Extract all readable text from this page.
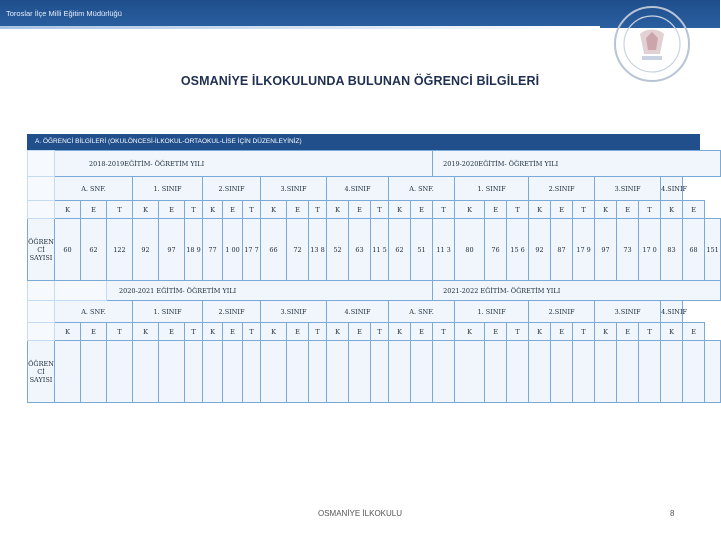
Toroslar İlçe Milli Eğitim Müdürlüğü
OSMANİYE İLKOKULUNDA BULUNAN ÖĞRENCİ BİLGİLERİ
A. ÖĞRENCİ BİLGİLERİ (OKULÖNCESİ-İLKOKUL-ORTAOKUL-LİSE İÇİN DÜZENLEYİNİZ)
	2018-2019EĞİTİM- ÖĞRETİM YILI																	2019-2020EĞİTİM- ÖĞRETİM YILI												
	A. SNF.			1. SINIF			2.SINIF			3.SINIF			4.SINIF			A. SNF.			1. SINIF			2.SINIF			3.SINIF			4.SINIF		
	K	E	T	K	E	T	K	E	T	K	E	T	K	E	T	K	E	T	K	E	T	K	E	T	K	E	T	K	E	

ÖĞREN
Cİ
SAYISI	60	62	122	92	97	18 9	77	1 00	17 7	66	72	13 8	52	63	11 5	62	51	11 3	80	76	15 6	92	87	17 9	97	73	17 0	83	68	151
			2020-2021 EĞİTİM- ÖĞRETİM YILI															2021-2022 EĞİTİM- ÖĞRETİM YILI												
	A. SNF.			1. SINIF			2.SINIF			3.SINIF			4.SINIF			A. SNF.			1. SINIF			2.SINIF			3.SINIF			4.SINIF		
	K	E	T	K	E	T	K	E	T	K	E	T	K	E	T	K	E	T	K	E	T	K	E	T	K	E	T	K	E	

ÖĞREN
Cİ
SAYISI																														

OSMANİYE İLKOKULU	8
